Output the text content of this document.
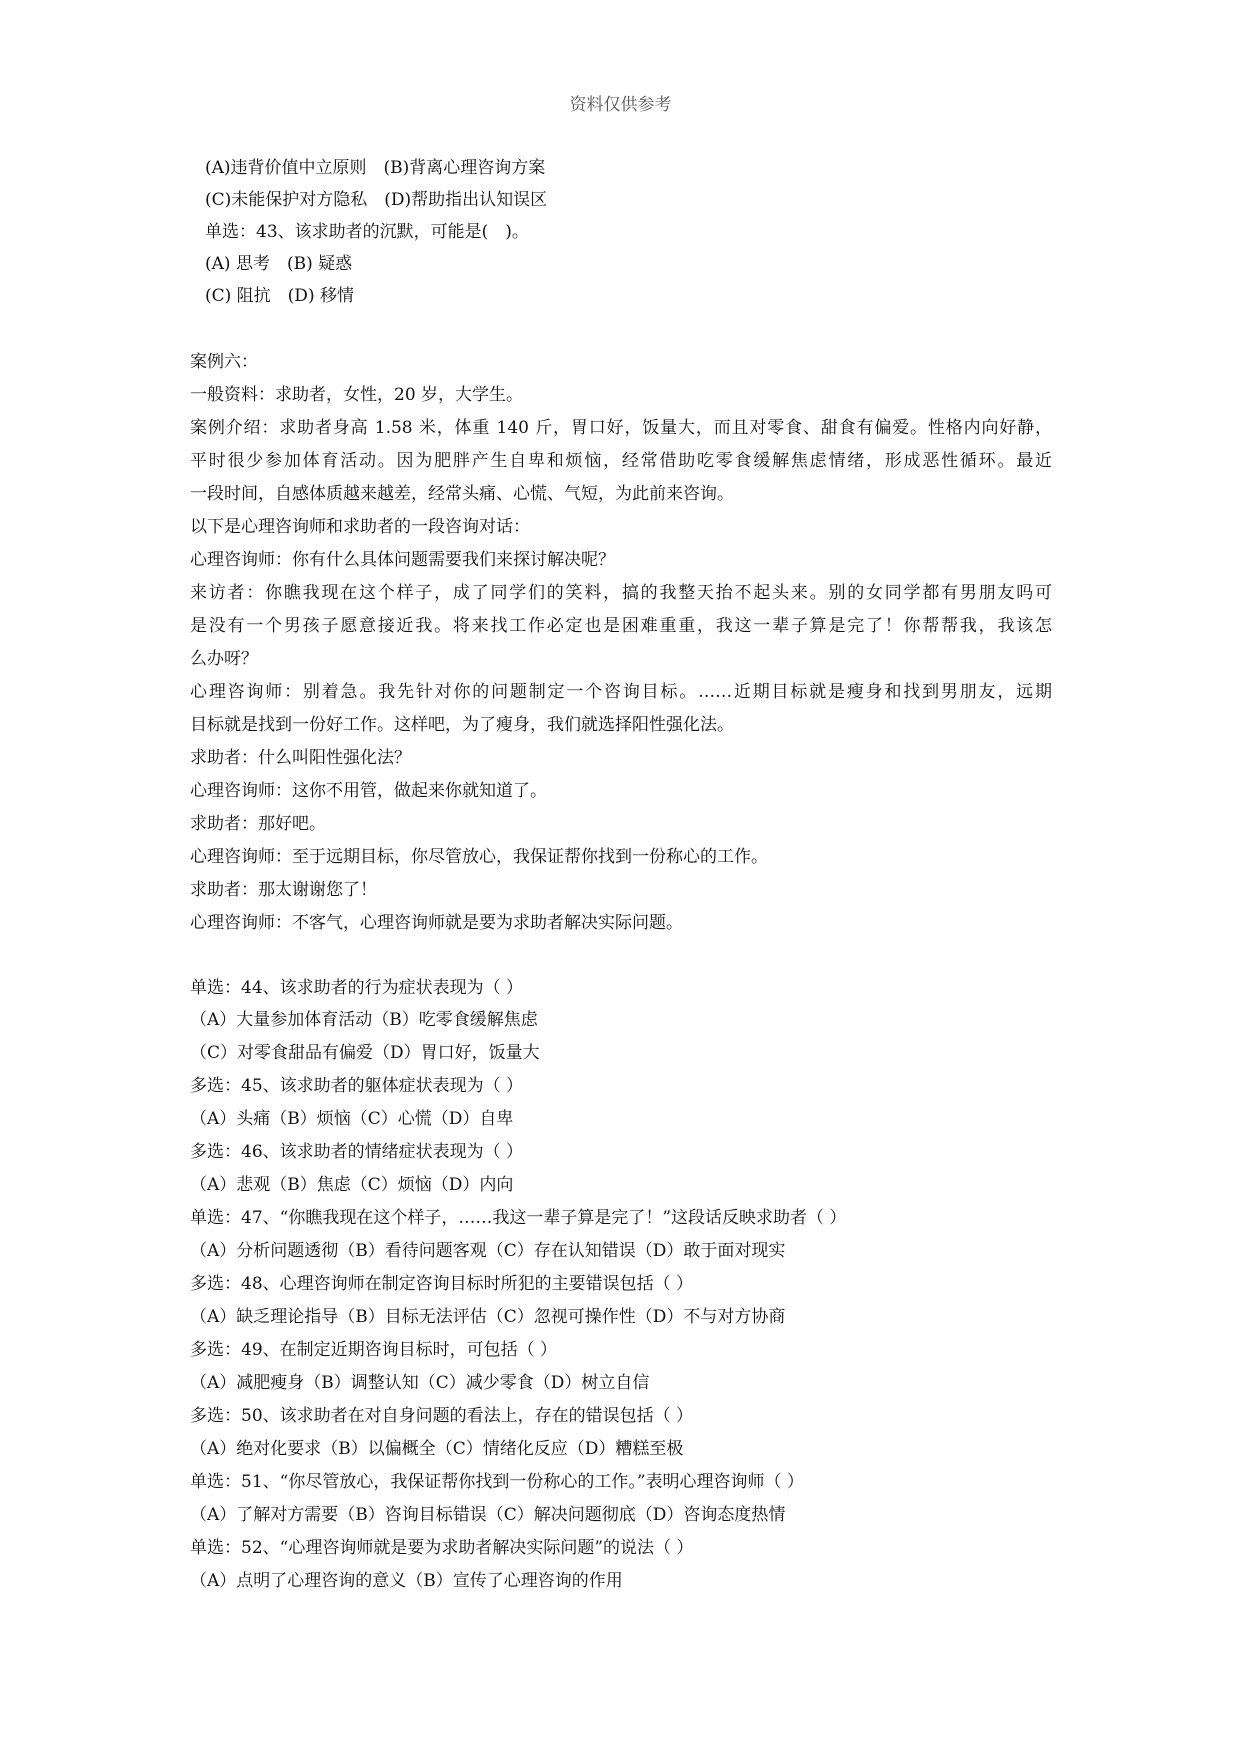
资料仅供参考
(A)违背价值中立原则　(B)背离心理咨询方案
(C)未能保护对方隐私　(D)帮助指出认知误区
单选：43、该求助者的沉默，可能是(　)。
(A) 思考　(B) 疑惑
(C) 阻抗　(D) 移情
案例六：
一般资料：求助者，女性，20 岁，大学生。
案例介绍：求助者身高 1.58 米，体重 140 斤，胃口好，饭量大，而且对零食、甜食有偏爱。性格内向好静，
平时很少参加体育活动。因为肥胖产生自卑和烦恼，经常借助吃零食缓解焦虑情绪，形成恶性循环。最近
一段时间，自感体质越来越差，经常头痛、心慌、气短，为此前来咨询。
以下是心理咨询师和求助者的一段咨询对话：
心理咨询师：你有什么具体问题需要我们来探讨解决呢？
来访者：你瞧我现在这个样子，成了同学们的笑料，搞的我整天抬不起头来。别的女同学都有男朋友吗可
是没有一个男孩子愿意接近我。将来找工作必定也是困难重重，我这一辈子算是完了！你帮帮我，我该怎
么办呀？
心理咨询师：别着急。我先针对你的问题制定一个咨询目标。……近期目标就是瘦身和找到男朋友，远期
目标就是找到一份好工作。这样吧，为了瘦身，我们就选择阳性强化法。
求助者：什么叫阳性强化法？
心理咨询师：这你不用管，做起来你就知道了。
求助者：那好吧。
心理咨询师：至于远期目标，你尽管放心，我保证帮你找到一份称心的工作。
求助者：那太谢谢您了！
心理咨询师：不客气，心理咨询师就是要为求助者解决实际问题。
单选：44、该求助者的行为症状表现为（ ）
（A）大量参加体育活动（B）吃零食缓解焦虑
（C）对零食甜品有偏爱（D）胃口好，饭量大
多选：45、该求助者的躯体症状表现为（ ）
（A）头痛（B）烦恼（C）心慌（D）自卑
多选：46、该求助者的情绪症状表现为（ ）
（A）悲观（B）焦虑（C）烦恼（D）内向
单选：47、“你瞧我现在这个样子，……我这一辈子算是完了！”这段话反映求助者（ ）
（A）分析问题透彻（B）看待问题客观（C）存在认知错误（D）敢于面对现实
多选：48、心理咨询师在制定咨询目标时所犯的主要错误包括（ ）
（A）缺乏理论指导（B）目标无法评估（C）忽视可操作性（D）不与对方协商
多选：49、在制定近期咨询目标时，可包括（ ）
（A）减肥瘦身（B）调整认知（C）减少零食（D）树立自信
多选：50、该求助者在对自身问题的看法上，存在的错误包括（ ）
（A）绝对化要求（B）以偏概全（C）情绪化反应（D）糟糕至极
单选：51、“你尽管放心，我保证帮你找到一份称心的工作。”表明心理咨询师（ ）
（A）了解对方需要（B）咨询目标错误（C）解决问题彻底（D）咨询态度热情
单选：52、“心理咨询师就是要为求助者解决实际问题”的说法（ ）
（A）点明了心理咨询的意义（B）宣传了心理咨询的作用
